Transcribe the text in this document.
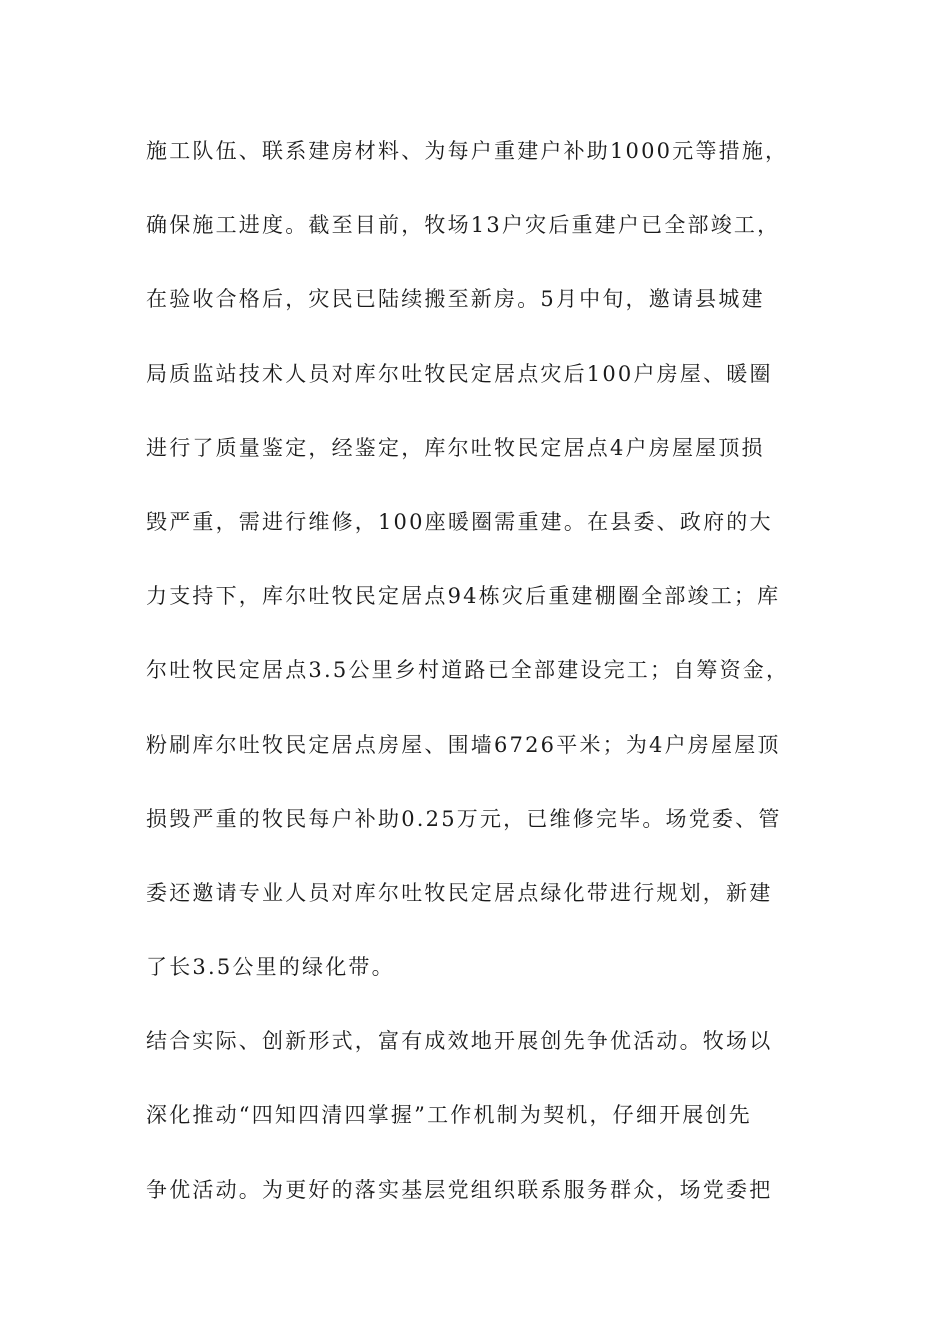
施工队伍、联系建房材料、为每户重建户补助1000元等措施，
确保施工进度。截至目前，牧场13户灾后重建户已全部竣工，
在验收合格后，灾民已陆续搬至新房。5月中旬，邀请县城建
局质监站技术人员对库尔吐牧民定居点灾后100户房屋、暖圈
进行了质量鉴定，经鉴定，库尔吐牧民定居点4户房屋屋顶损
毁严重，需进行维修，100座暖圈需重建。在县委、政府的大
力支持下，库尔吐牧民定居点94栋灾后重建棚圈全部竣工；库
尔吐牧民定居点3.5公里乡村道路已全部建设完工；自筹资金，
粉刷库尔吐牧民定居点房屋、围墙6726平米；为4户房屋屋顶
损毁严重的牧民每户补助0.25万元，已维修完毕。场党委、管
委还邀请专业人员对库尔吐牧民定居点绿化带进行规划，新建
了长3.5公里的绿化带。
结合实际、创新形式，富有成效地开展创先争优活动。牧场以
深化推动“四知四清四掌握”工作机制为契机，仔细开展创先
争优活动。为更好的落实基层党组织联系服务群众，场党委把
